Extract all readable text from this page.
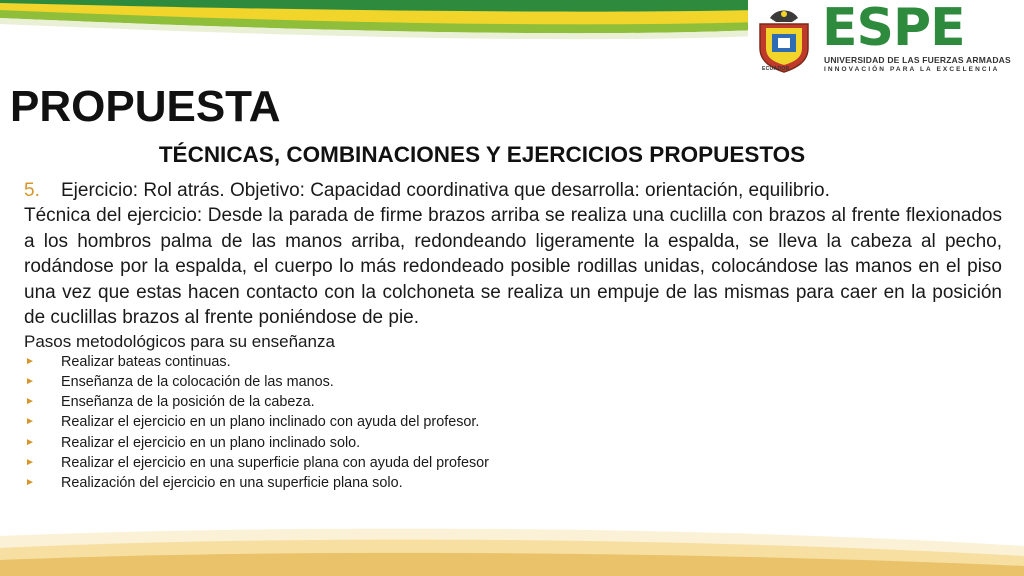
ECUADOR
ESPE
UNIVERSIDAD DE LAS FUERZAS ARMADAS
INNOVACIÓN PARA LA EXCELENCIA
PROPUESTA
TÉCNICAS, COMBINACIONES Y EJERCICIOS PROPUESTOS
5. Ejercicio: Rol atrás. Objetivo: Capacidad coordinativa que desarrolla: orientación, equilibrio.

Técnica del ejercicio: Desde la parada de firme brazos arriba se realiza una cuclilla con brazos al frente flexionados a los hombros palma de las manos arriba, redondeando ligeramente la espalda, se lleva la cabeza al pecho, rodándose por la espalda, el cuerpo lo más redondeado posible rodillas unidas, colocándose las manos en el piso una vez que estas hacen contacto con la colchoneta se realiza un empuje de las mismas para caer en la posición de cuclillas brazos al frente poniéndose de pie.

Pasos metodológicos para su enseñanza
► Realizar bateas continuas.
► Enseñanza de la colocación de las manos.
► Enseñanza de la posición de la cabeza.
► Realizar el ejercicio en un plano inclinado con ayuda del profesor.
► Realizar el ejercicio en un plano inclinado solo.
► Realizar el ejercicio en una superficie plana con ayuda del profesor
► Realización del ejercicio en una superficie plana solo.
